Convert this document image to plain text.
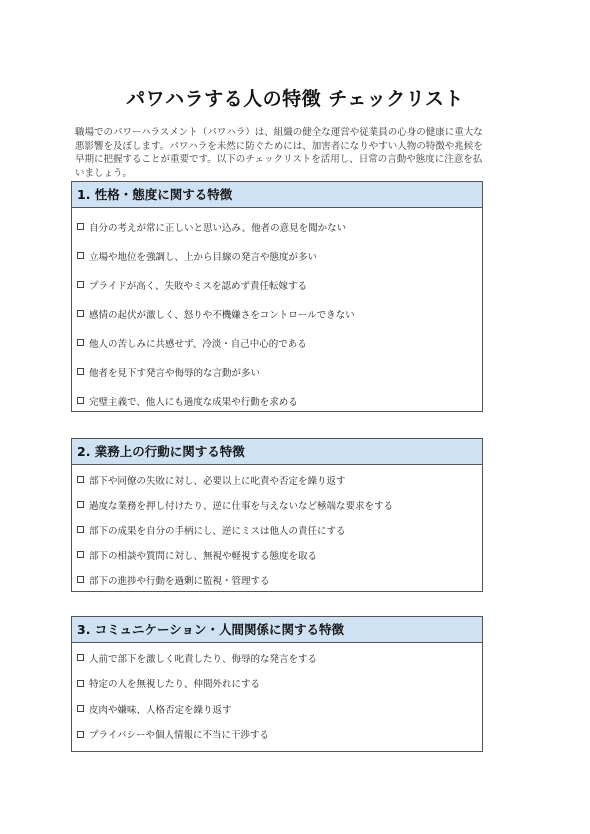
パワハラする人の特徴 チェックリスト

職場でのパワーハラスメント（パワハラ）は、組織の健全な運営や従業員の心身の健康に重大な悪影響を及ぼします。パワハラを未然に防ぐためには、加害者になりやすい人物の特徴や兆候を早期に把握することが重要です。以下のチェックリストを活用し、日常の言動や態度に注意を払いましょう。

1. 性格・態度に関する特徴
自分の考えが常に正しいと思い込み、他者の意見を聞かない
立場や地位を強調し、上から目線の発言や態度が多い
プライドが高く、失敗やミスを認めず責任転嫁する
感情の起伏が激しく、怒りや不機嫌さをコントロールできない
他人の苦しみに共感せず、冷淡・自己中心的である
他者を見下す発言や侮辱的な言動が多い
完璧主義で、他人にも過度な成果や行動を求める
2. 業務上の行動に関する特徴
部下や同僚の失敗に対し、必要以上に叱責や否定を繰り返す
過度な業務を押し付けたり、逆に仕事を与えないなど極端な要求をする
部下の成果を自分の手柄にし、逆にミスは他人の責任にする
部下の相談や質問に対し、無視や軽視する態度を取る
部下の進捗や行動を過剰に監視・管理する
3. コミュニケーション・人間関係に関する特徴
人前で部下を激しく叱責したり、侮辱的な発言をする
特定の人を無視したり、仲間外れにする
皮肉や嫌味、人格否定を繰り返す
プライバシーや個人情報に不当に干渉する
